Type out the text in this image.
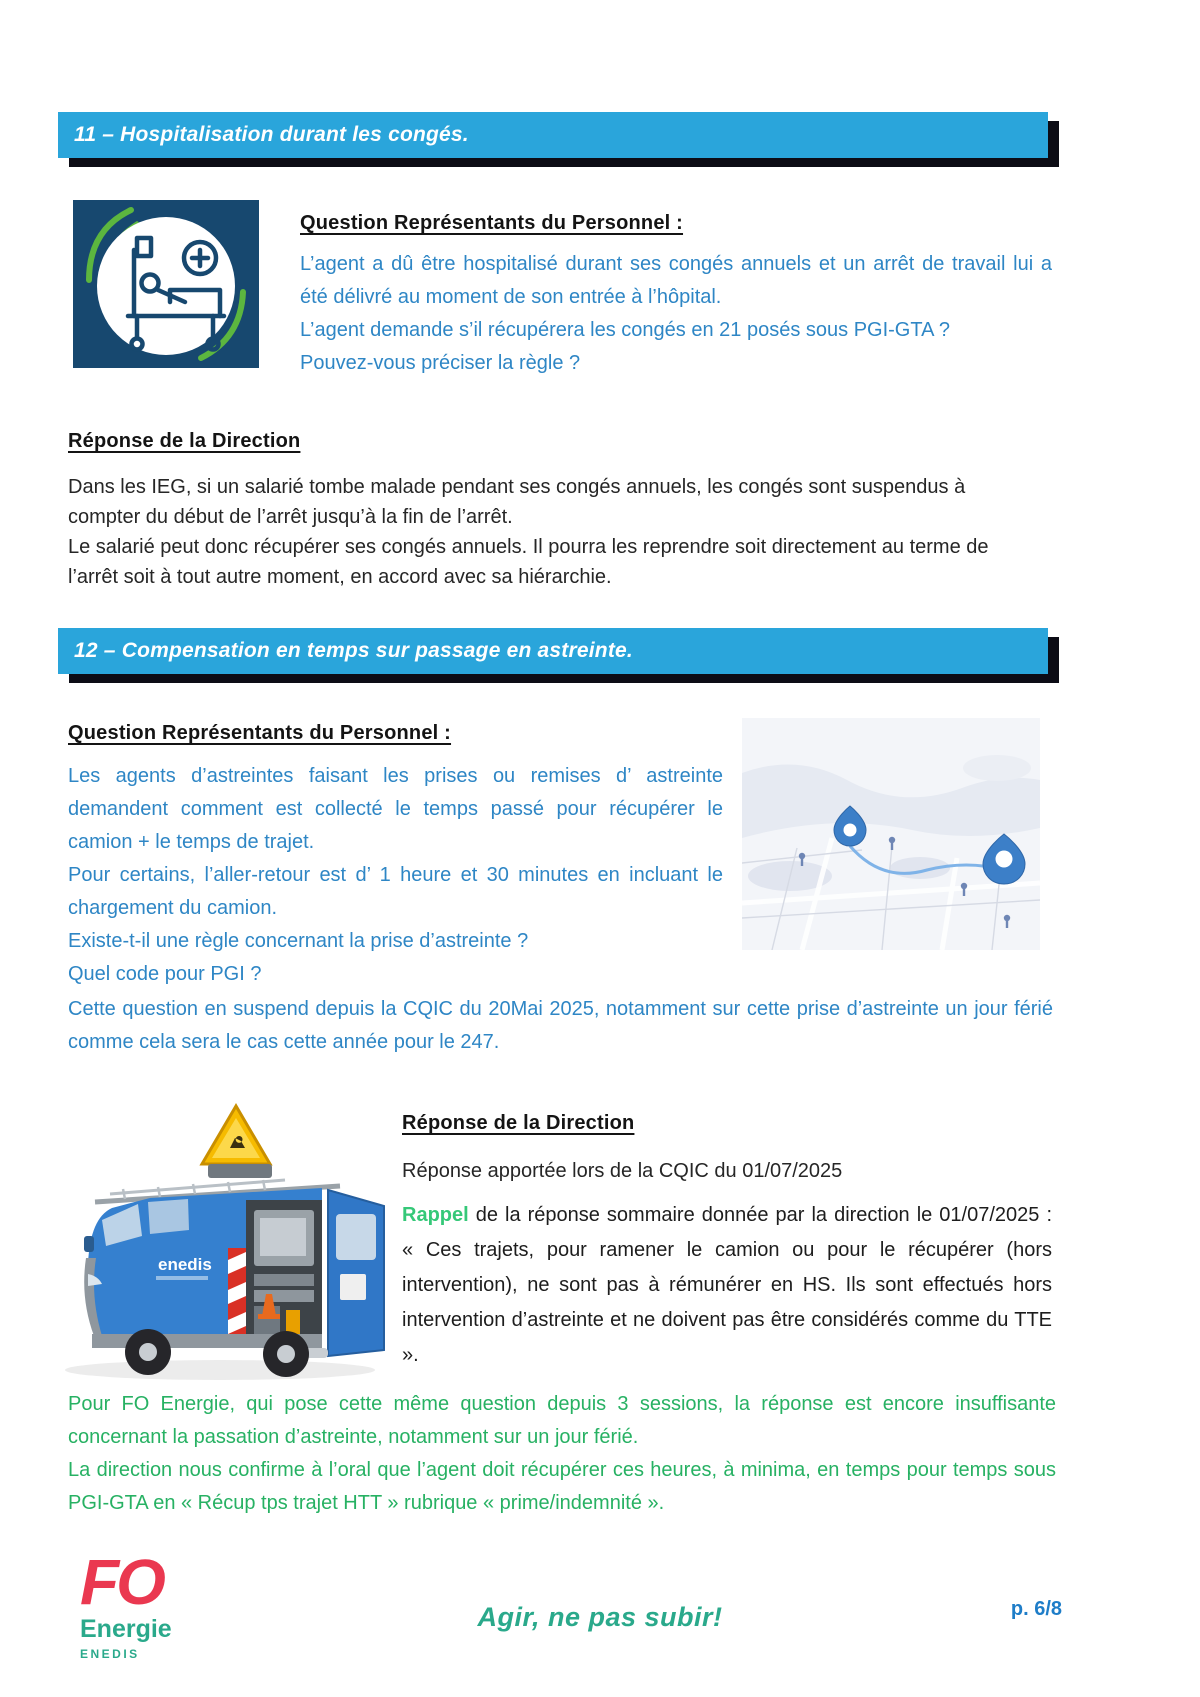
11 – Hospitalisation durant les congés.
Question Représentants du Personnel :

L’agent a dû être hospitalisé durant ses congés annuels et un arrêt de travail lui a été délivré au moment de son entrée à l’hôpital.

L’agent demande s’il récupérera les congés en 21 posés sous PGI-GTA ?

Pouvez-vous préciser la règle ?

Réponse de la Direction

Dans les IEG, si un salarié tombe malade pendant ses congés annuels, les congés sont suspendus à compter du début de l’arrêt jusqu’à la fin de l’arrêt.

Le salarié peut donc récupérer ses congés annuels. Il pourra les reprendre soit directement au terme de l’arrêt soit à tout autre moment, en accord avec sa hiérarchie.

12 – Compensation en temps sur passage en astreinte.
Question Représentants du Personnel :

Les agents d’astreintes faisant les prises ou remises d’ astreinte demandent comment est collecté le temps passé pour récupérer le camion + le temps de trajet.

Pour certains, l’aller-retour est d’ 1 heure et 30 minutes en incluant le chargement du camion.

Existe-t-il une règle concernant la prise d’astreinte ?

Quel code pour PGI ?

Cette question en suspend depuis la CQIC du 20Mai 2025, notamment sur cette prise d’astreinte un jour férié comme cela sera le cas cette année pour le 247.

enedis
Réponse de la Direction
Réponse apportée lors de la CQIC du 01/07/2025
Rappel de la réponse sommaire donnée par la direction le 01/07/2025 : « Ces trajets, pour ramener le camion ou pour le récupérer (hors intervention), ne sont pas à rémunérer en HS. Ils sont effectués hors intervention d’astreinte et ne doivent pas être considérés comme du TTE ».

Pour FO Energie, qui pose cette même question depuis 3 sessions, la réponse est encore insuffisante concernant la passation d’astreinte, notamment sur un jour férié.

La direction nous confirme à l’oral que l’agent doit récupérer ces heures, à minima, en temps pour temps sous PGI-GTA en « Récup tps trajet HTT » rubrique « prime/indemnité ».

FO
Energie
ENEDIS
Agir, ne pas subir!	p. 6/8
